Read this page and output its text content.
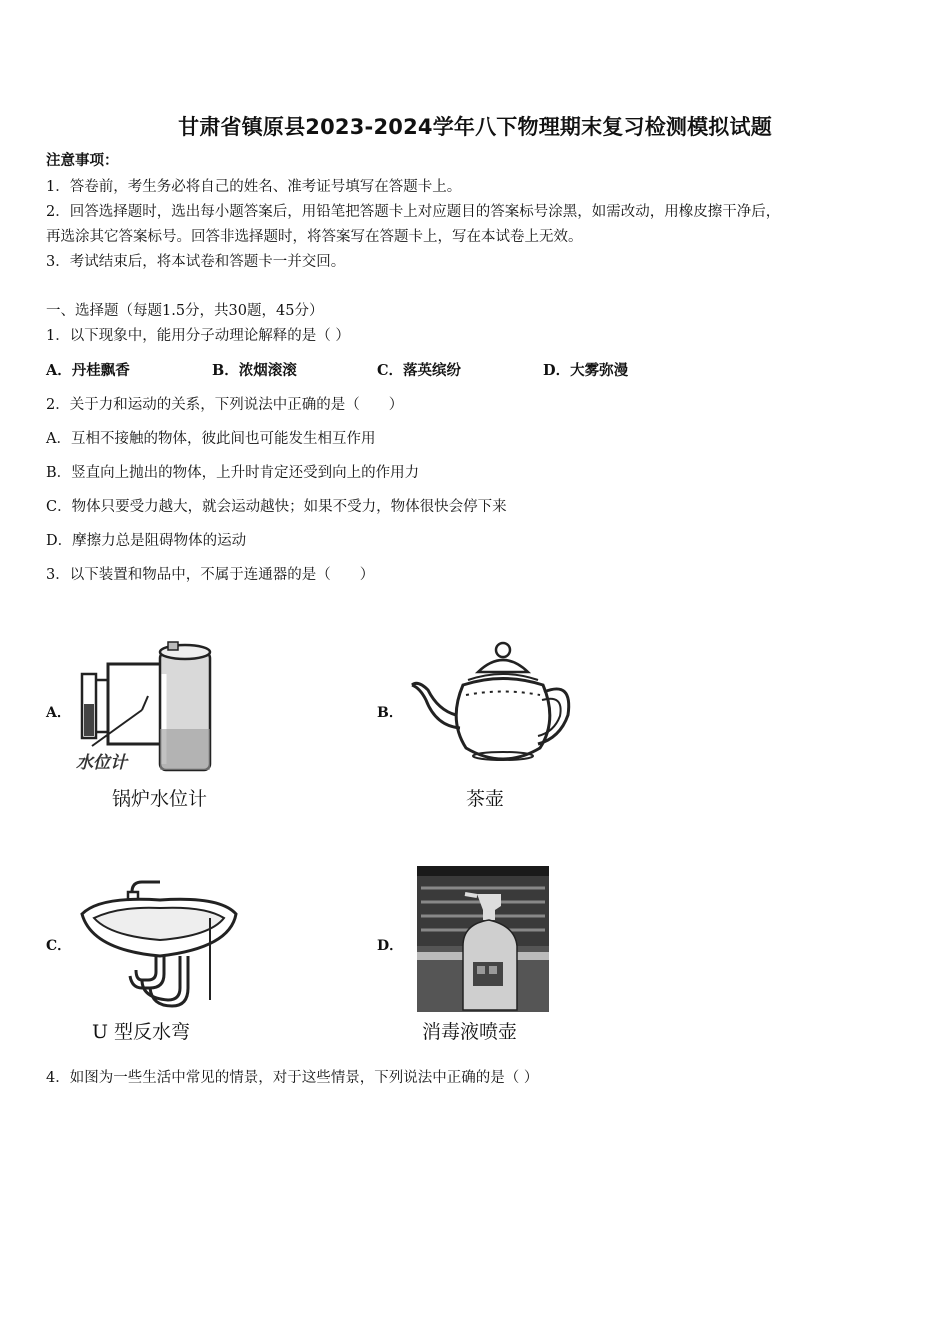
甘肃省镇原县2023-2024学年八下物理期末复习检测模拟试题
注意事项：
1．答卷前，考生务必将自己的姓名、准考证号填写在答题卡上。
2．回答选择题时，选出每小题答案后，用铅笔把答题卡上对应题目的答案标号涂黑，如需改动，用橡皮擦干净后，
再选涂其它答案标号。回答非选择题时，将答案写在答题卡上，写在本试卷上无效。
3．考试结束后，将本试卷和答题卡一并交回。
一、选择题（每题1.5分，共30题，45分）
1．以下现象中，能用分子动理论解释的是（ ）
A．丹桂飘香	B．浓烟滚滚	C．落英缤纷	D．大雾弥漫
2．关于力和运动的关系，下列说法中正确的是（　　）
A．互相不接触的物体，彼此间也可能发生相互作用
B．竖直向上抛出的物体，上升时肯定还受到向上的作用力
C．物体只要受力越大，就会运动越快；如果不受力，物体很快会停下来
D．摩擦力总是阻碍物体的运动
3．以下装置和物品中，不属于连通器的是（　　）
A．
水位计
锅炉水位计
B．
茶壶
C．
U 型反水弯
D．
消毒液喷壶
4．如图为一些生活中常见的情景，对于这些情景，下列说法中正确的是（ ）
